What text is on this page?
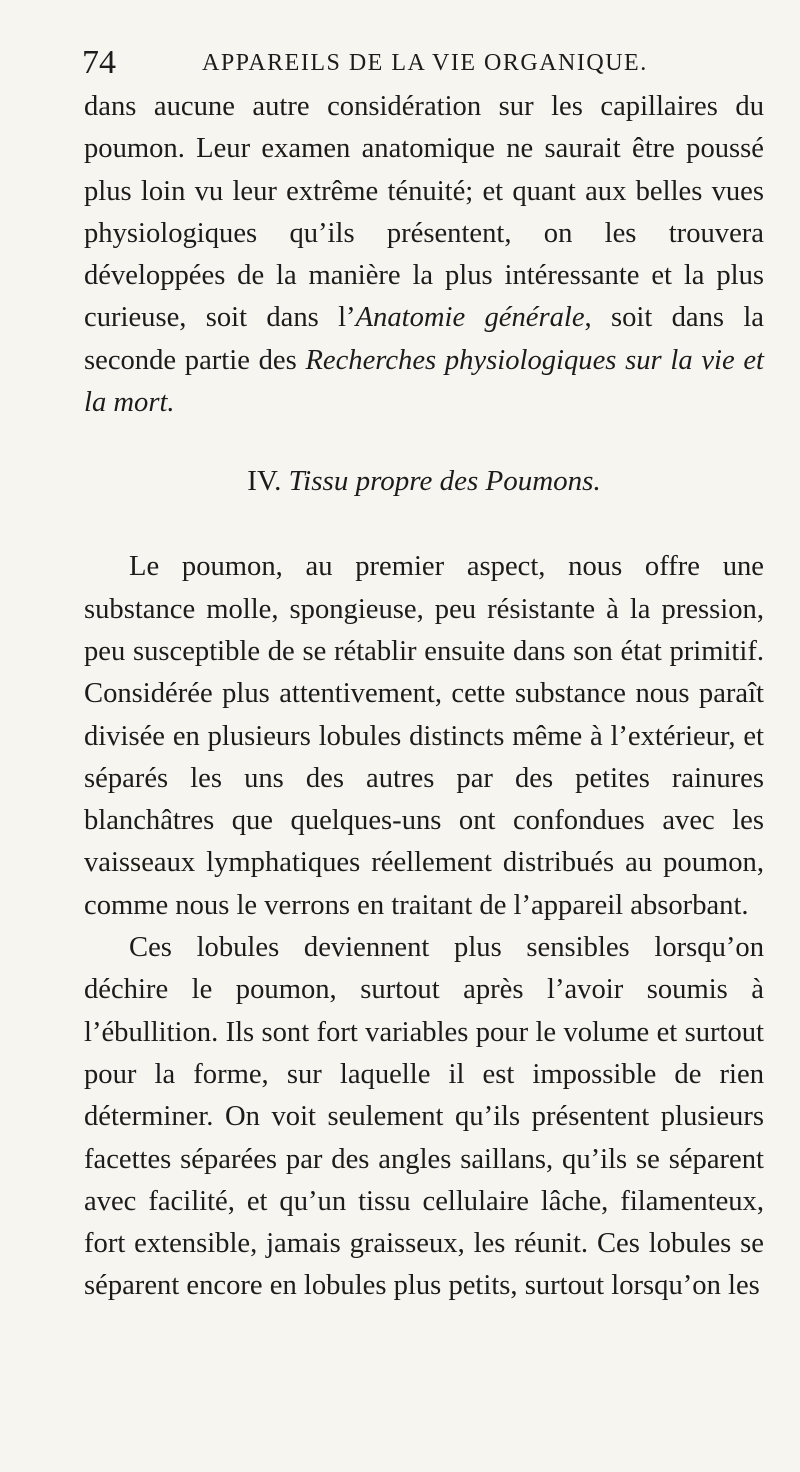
74	APPAREILS DE LA VIE ORGANIQUE.

dans aucune autre considération sur les capillaires du poumon. Leur examen anatomique ne saurait être poussé plus loin vu leur extrême ténuité; et quant aux belles vues physiologiques qu’ils présentent, on les trouvera développées de la manière la plus intéressante et la plus curieuse, soit dans l’Anatomie générale, soit dans la seconde partie des Recherches physiologiques sur la vie et la mort.

IV. Tissu propre des Poumons.

Le poumon, au premier aspect, nous offre une substance molle, spongieuse, peu résistante à la pression, peu susceptible de se rétablir ensuite dans son état primitif. Considérée plus attentivement, cette substance nous paraît divisée en plusieurs lobules distincts même à l’extérieur, et séparés les uns des autres par des petites rainures blanchâtres que quelques-uns ont confondues avec les vaisseaux lymphatiques réellement distribués au poumon, comme nous le verrons en traitant de l’appareil absorbant.

Ces lobules deviennent plus sensibles lorsqu’on déchire le poumon, surtout après l’avoir soumis à l’ébullition. Ils sont fort variables pour le volume et surtout pour la forme, sur laquelle il est impossible de rien déterminer. On voit seulement qu’ils présentent plusieurs facettes séparées par des angles saillans, qu’ils se séparent avec facilité, et qu’un tissu cellulaire lâche, filamenteux, fort extensible, jamais graisseux, les réunit. Ces lobules se séparent encore en lobules plus petits, surtout lorsqu’on les
